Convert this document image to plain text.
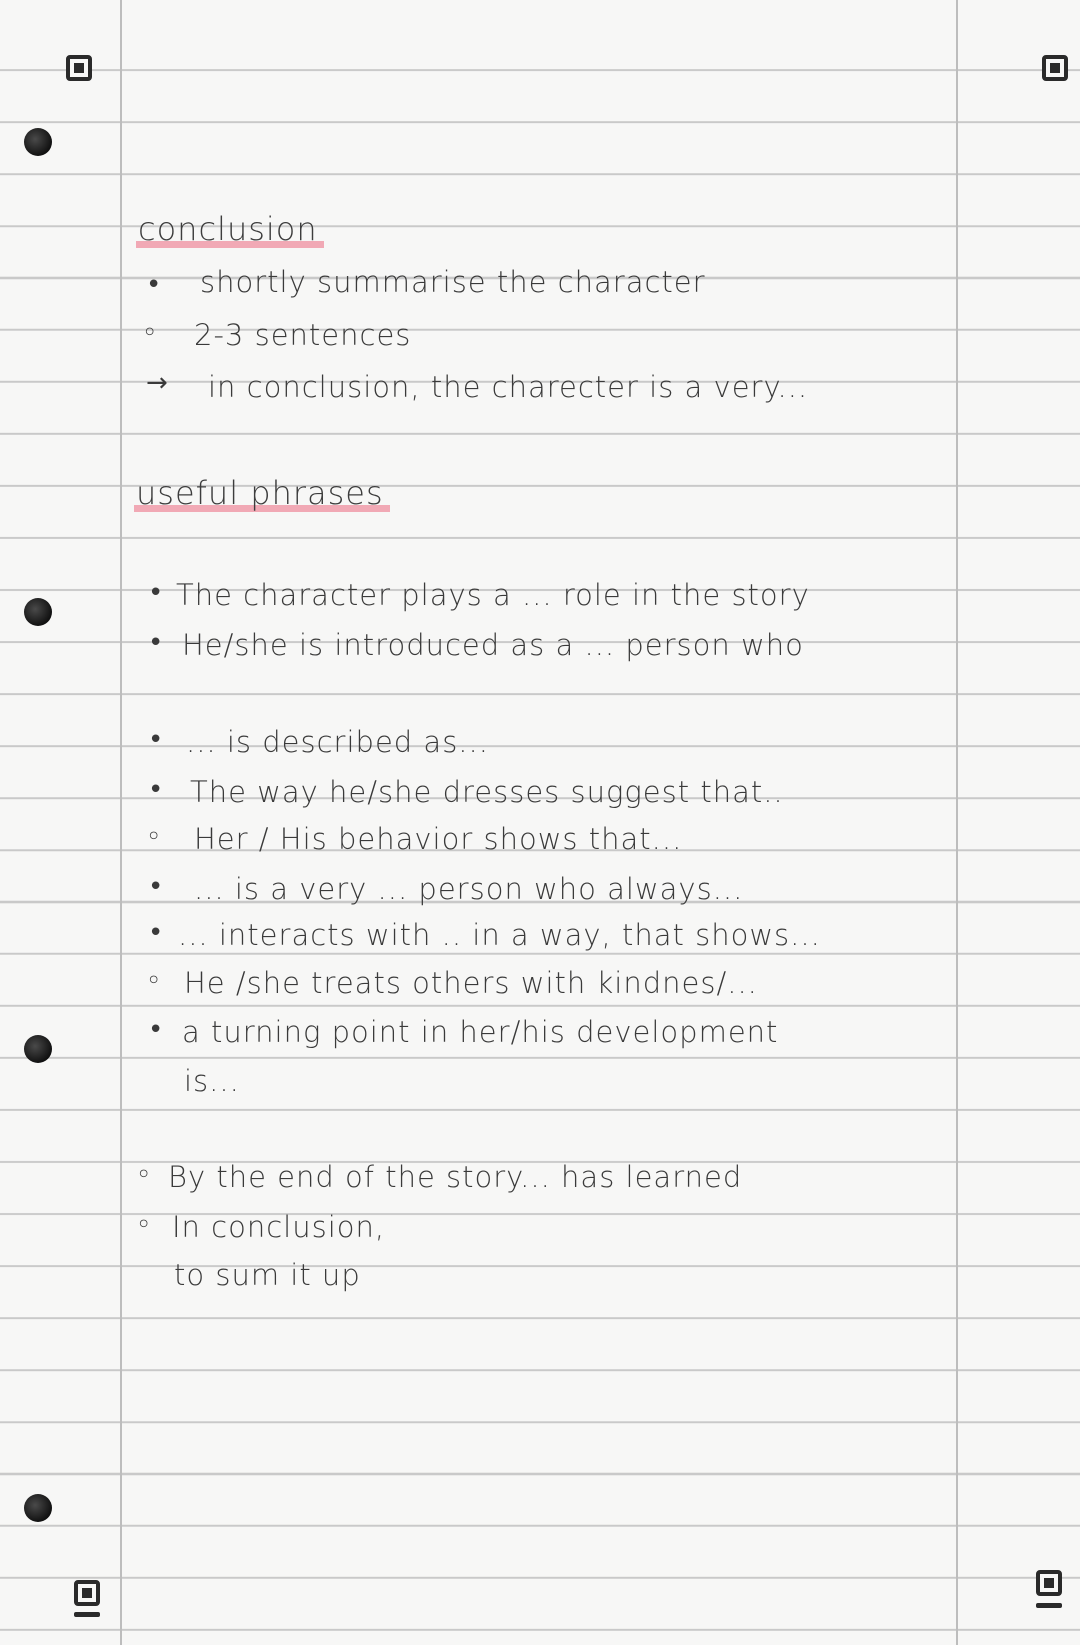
conclusion
• shortly summarise the character
◦ 2-3 sentences
→ in conclusion, the charecter is a very...
useful phrases
• The character plays a ... role in the story
• He/she is introduced as a ... person who
• ... is described as...
• The way he/she dresses suggest that..
◦ Her / His behavior shows that...
• ... is a very ... person who always...
• ... interacts with .. in a way, that shows...
◦ He /she treats others with kindnes/...
• a turning point in her/his development
is...
◦ By the end of the story... has learned
◦ In conclusion,
to sum it up
